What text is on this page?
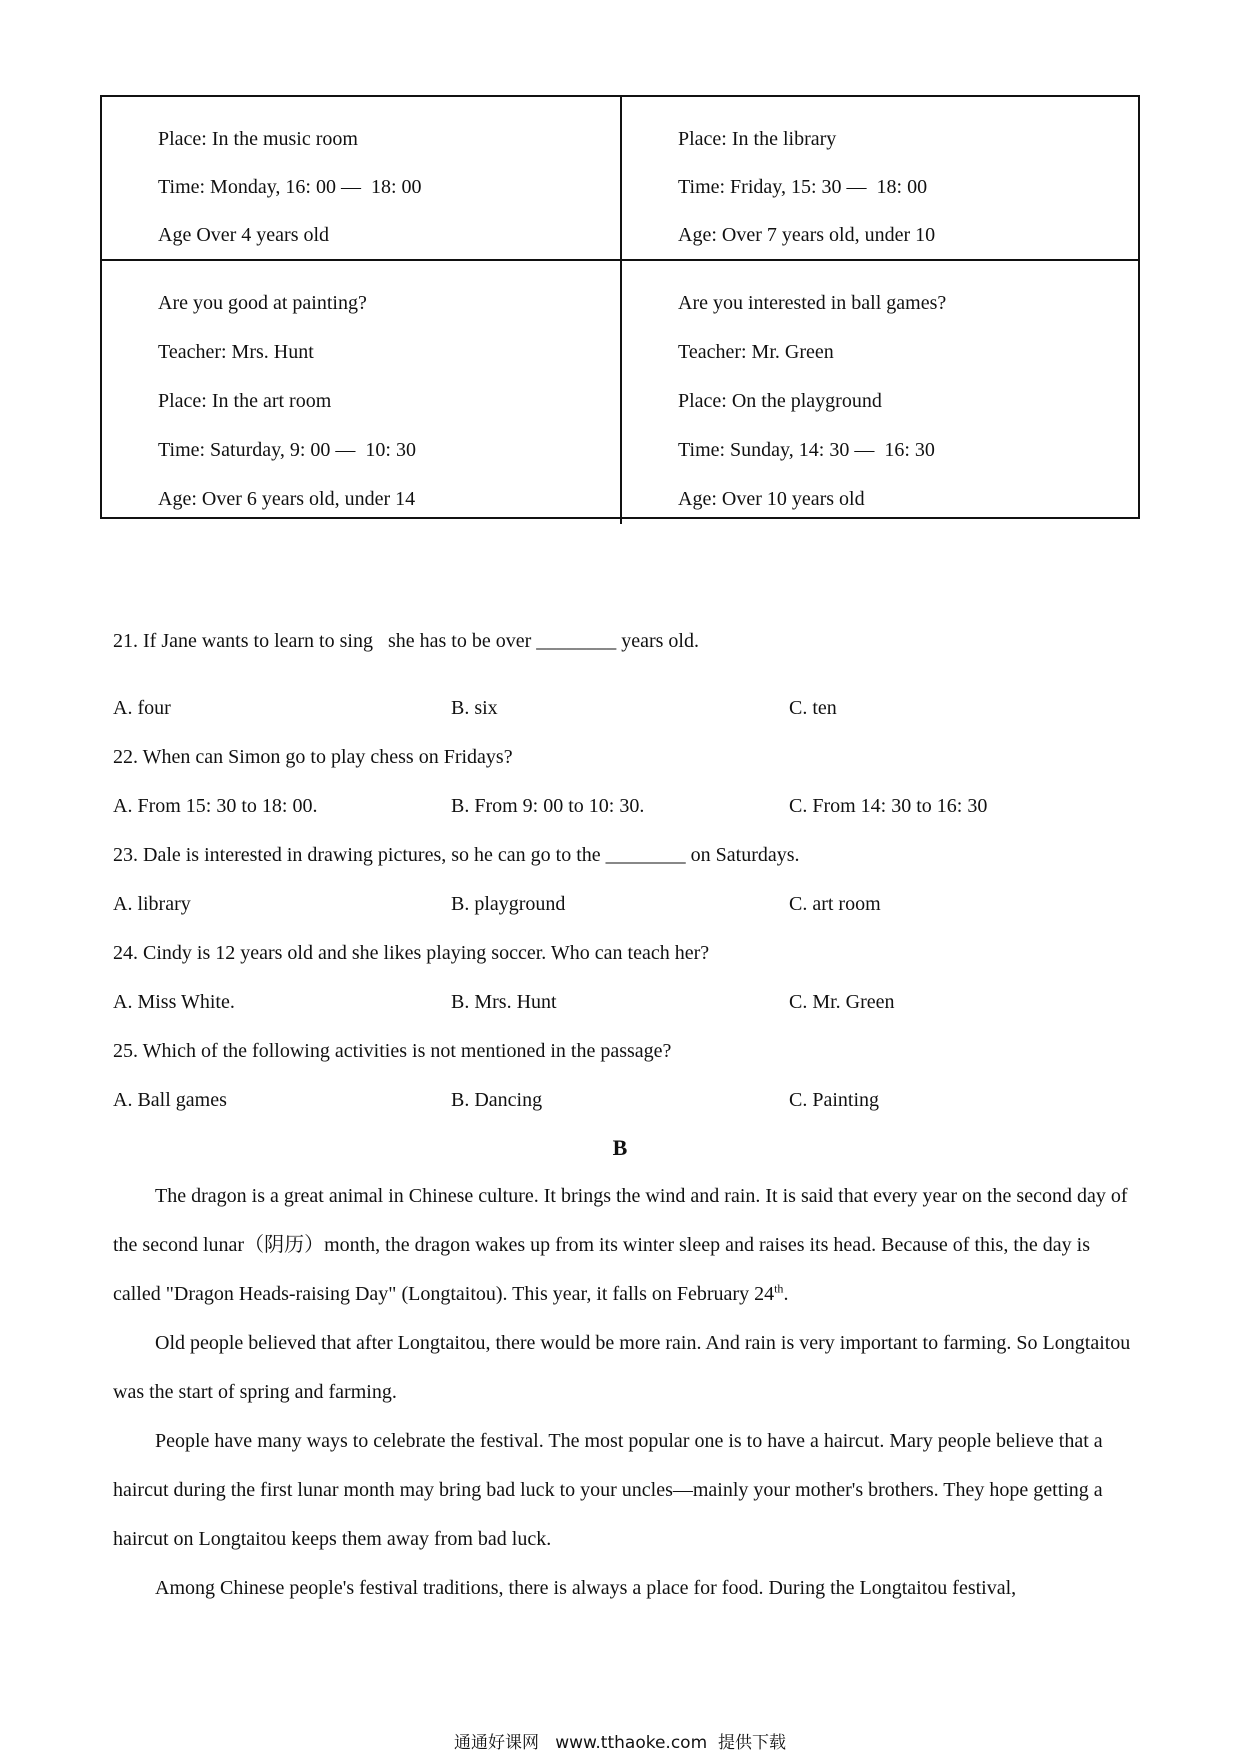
Place: In the music room
Time: Monday, 16: 00 —  18: 00
Age Over 4 years old
Place: In the library
Time: Friday, 15: 30 —  18: 00
Age: Over 7 years old, under 10
Are you good at painting?
Teacher: Mrs. Hunt
Place: In the art room
Time: Saturday, 9: 00 —  10: 30
Age: Over 6 years old, under 14
Are you interested in ball games?
Teacher: Mr. Green
Place: On the playground
Time: Sunday, 14: 30 —  16: 30
Age: Over 10 years old
21. If Jane wants to learn to sing   she has to be over ________ years old.
A. four	B. six	C. ten
22. When can Simon go to play chess on Fridays?
A. From 15: 30 to 18: 00.	B. From 9: 00 to 10: 30.	C. From 14: 30 to 16: 30
23. Dale is interested in drawing pictures, so he can go to the ________ on Saturdays.
A. library	B. playground	C. art room
24. Cindy is 12 years old and she likes playing soccer. Who can teach her?
A. Miss White.	B. Mrs. Hunt	C. Mr. Green
25. Which of the following activities is not mentioned in the passage?
A. Ball games	B. Dancing	C. Painting
B

The dragon is a great animal in Chinese culture. It brings the wind and rain. It is said that every year on the second day of the second lunar（阴历）month, the dragon wakes up from its winter sleep and raises its head. Because of this, the day is called "Dragon Heads-raising Day" (Longtaitou). This year, it falls on February 24th.

Old people believed that after Longtaitou, there would be more rain. And rain is very important to farming. So Longtaitou was the start of spring and farming.

People have many ways to celebrate the festival. The most popular one is to have a haircut. Mary people believe that a haircut during the first lunar month may bring bad luck to your uncles—mainly your mother's brothers. They hope getting a haircut on Longtaitou keeps them away from bad luck.

Among Chinese people's festival traditions, there is always a place for food. During the Longtaitou festival,

通通好课网   www.tthaoke.com  提供下载
